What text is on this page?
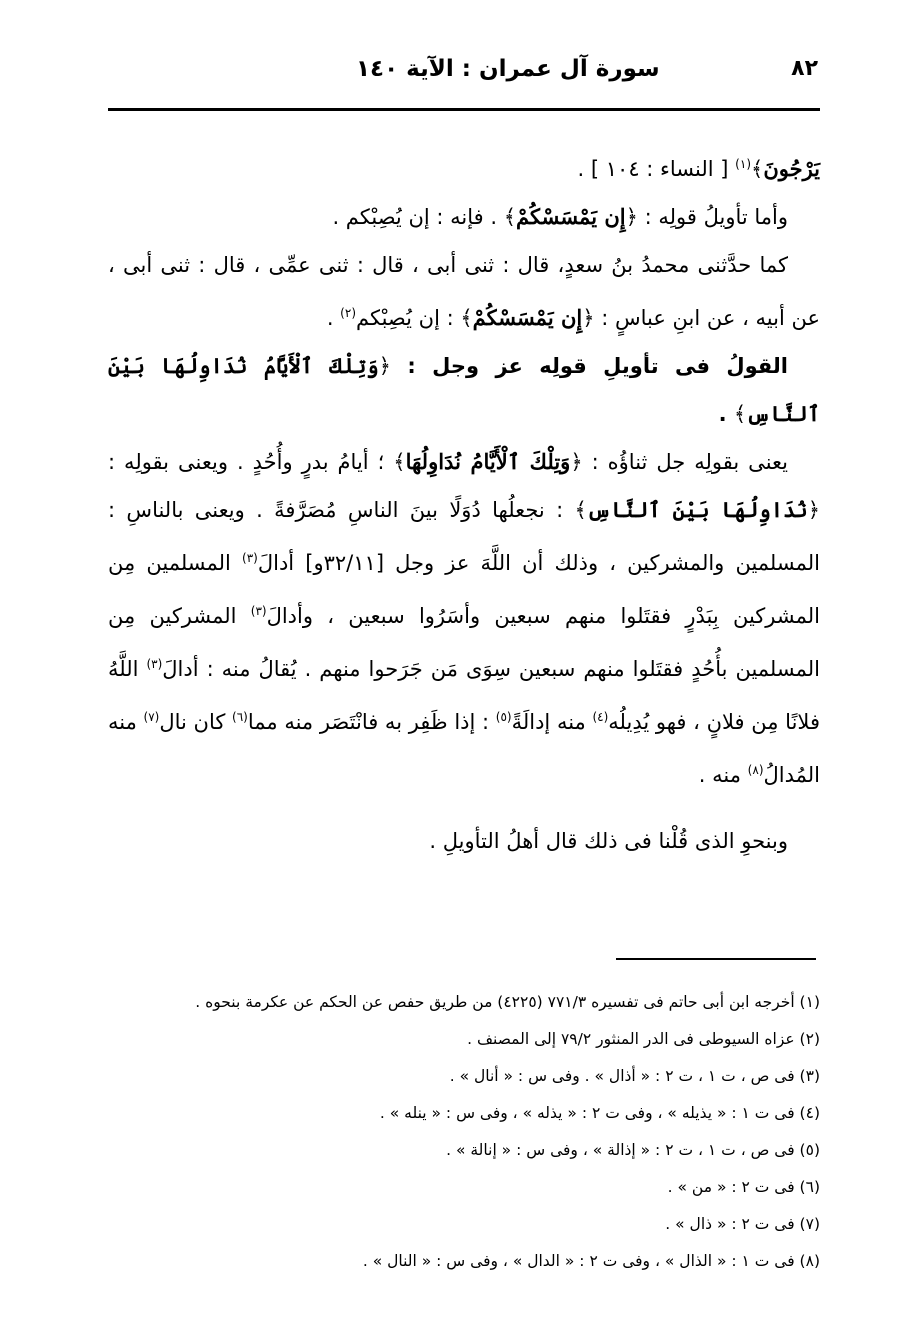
٨٢
سورة آل عمران : الآية ١٤٠

يَرْجُونَ﴾$^{(١)}$ [ النساء : ١٠٤ ] .

وأما تأويلُ قولِه : ﴿إِن يَمْسَسْكُمْ﴾ . فإنه : إن يُصِبْكم .

كما حدَّثنى محمدُ بنُ سعدٍ، قال : ثنى أبى ، قال : ثنى عمِّى ، قال : ثنى أبى ، عن أبيه ، عن ابنِ عباسٍ : ﴿إِن يَمْسَسْكُمْ﴾ : إن يُصِبْكم$^{(٢)}$ .

القولُ فى تأويلِ قولِه عز وجل : ﴿وَتِلْكَ ٱلْأَيَّامُ نُدَاوِلُهَا بَيْنَ ٱلنَّاسِ﴾ .

يعنى بقولِه جل ثناؤُه : ﴿وَتِلْكَ ٱلْأَيَّامُ نُدَاوِلُهَا﴾ ؛ أيامُ بدرٍ وأُحُدٍ . ويعنى بقولِه : ﴿نُدَاوِلُهَا بَيْنَ ٱلنَّاسِ﴾ : نجعلُها دُوَلًا بينَ الناسِ مُصَرَّفةً . ويعنى بالناسِ : المسلمين والمشركين ، وذلك أن اللَّهَ عز وجل [٣٢/١١و] أدالَ$^{(٣)}$ المسلمين مِن المشركين بِبَدْرٍ فقتَلوا منهم سبعين وأسَرُوا سبعين ، وأدالَ$^{(٣)}$ المشركين مِن المسلمين بأُحُدٍ فقتَلوا منهم سبعين سِوَى مَن جَرَحوا منهم . يُقالُ منه : أدالَ$^{(٣)}$ اللَّهُ فلانًا مِن فلانٍ ، فهو يُدِيلُه$^{(٤)}$ منه إدالَةً$^{(٥)}$ : إذا ظَفِر به فانْتَصَر منه مما$^{(٦)}$ كان نال$^{(٧)}$ منه المُدالُ$^{(٨)}$ منه .

وبنحوِ الذى قُلْنا فى ذلك قال أهلُ التأويلِ .

(١) أخرجه ابن أبى حاتم فى تفسيره ٧٧١/٣ (٤٢٢٥) من طريق حفص عن الحكم عن عكرمة بنحوه .

(٢) عزاه السيوطى فى الدر المنثور ٧٩/٢ إلى المصنف .

(٣) فى ص ، ت ١ ، ت ٢ : « أذال » . وفى س : « أنال » .

(٤) فى ت ١ : « يذيله » ، وفى ت ٢ : « يذله » ، وفى س : « ينله » .

(٥) فى ص ، ت ١ ، ت ٢ : « إذالة » ، وفى س : « إنالة » .

(٦) فى ت ٢ : « من » .

(٧) فى ت ٢ : « ذال » .

(٨) فى ت ١ : « الذال » ، وفى ت ٢ : « الدال » ، وفى س : « النال » .
